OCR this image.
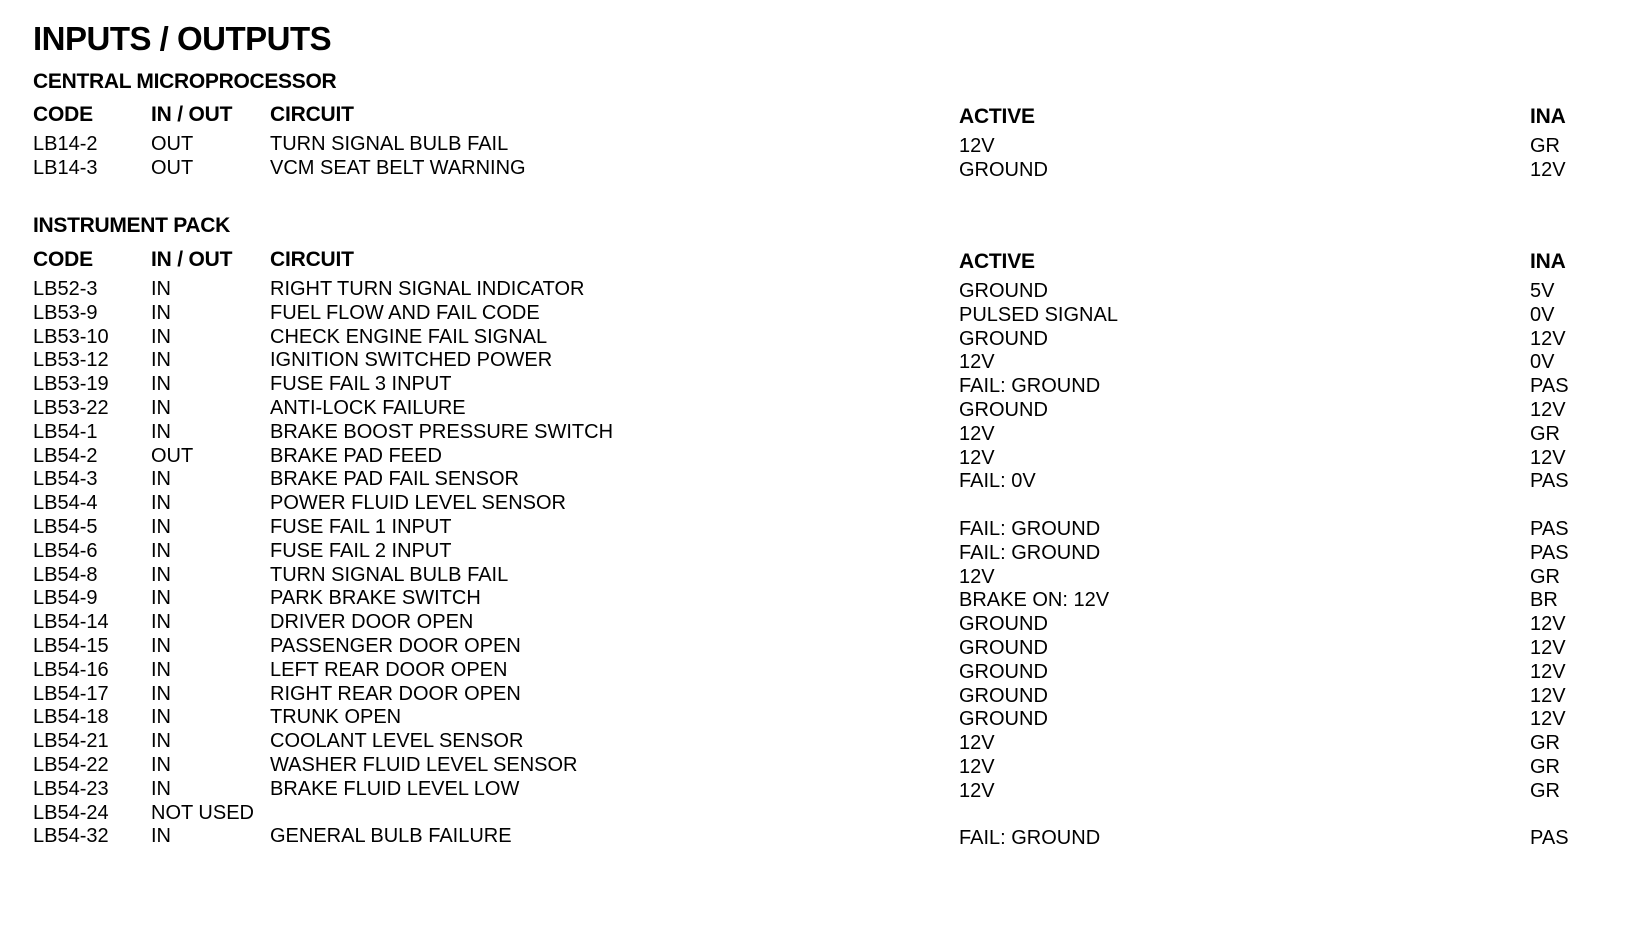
INPUTS / OUTPUTS
CENTRAL MICROPROCESSOR
CODE	IN / OUT CIRCUIT	ACTIVE	INA
LB14-2	OUT	TURN SIGNAL BULB FAIL	12V	GR
LB14-3	OUT	VCM SEAT BELT WARNING	GROUND	12V
INSTRUMENT PACK
CODE	IN / OUT CIRCUIT	ACTIVE	INA
LB52-3	IN	RIGHT TURN SIGNAL INDICATOR	GROUND	5V
LB53-9	IN	FUEL FLOW AND FAIL CODE	PULSED SIGNAL	0V
LB53-10 IN	CHECK ENGINE FAIL SIGNAL	GROUND	12V
LB53-12 IN	IGNITION SWITCHED POWER	12V	0V
LB53-19 IN	FUSE FAIL 3 INPUT	FAIL: GROUND	PAS
LB53-22 IN	ANTI-LOCK FAILURE	GROUND	12V
LB54-1	IN	BRAKE BOOST PRESSURE SWITCH	12V	GR
LB54-2	OUT	BRAKE PAD FEED	12V	12V
LB54-3	IN	BRAKE PAD FAIL SENSOR	FAIL: 0V	PAS
LB54-4	IN	POWER FLUID LEVEL SENSOR
LB54-5	IN	FUSE FAIL 1 INPUT	FAIL: GROUND	PAS
LB54-6	IN	FUSE FAIL 2 INPUT	FAIL: GROUND	PAS
LB54-8	IN	TURN SIGNAL BULB FAIL	12V	GR
LB54-9	IN	PARK BRAKE SWITCH	BRAKE ON: 12V	BR
LB54-14 IN	DRIVER DOOR OPEN	GROUND	12V
LB54-15 IN	PASSENGER DOOR OPEN	GROUND	12V
LB54-16 IN	LEFT REAR DOOR OPEN	GROUND	12V
LB54-17 IN	RIGHT REAR DOOR OPEN	GROUND	12V
LB54-18 IN	TRUNK OPEN	GROUND	12V
LB54-21 IN	COOLANT LEVEL SENSOR	12V	GR
LB54-22 IN	WASHER FLUID LEVEL SENSOR	12V	GR
LB54-23 IN	BRAKE FLUID LEVEL LOW	12V	GR
LB54-24 NOT USED
LB54-32 IN	GENERAL BULB FAILURE	FAIL: GROUND	PAS
